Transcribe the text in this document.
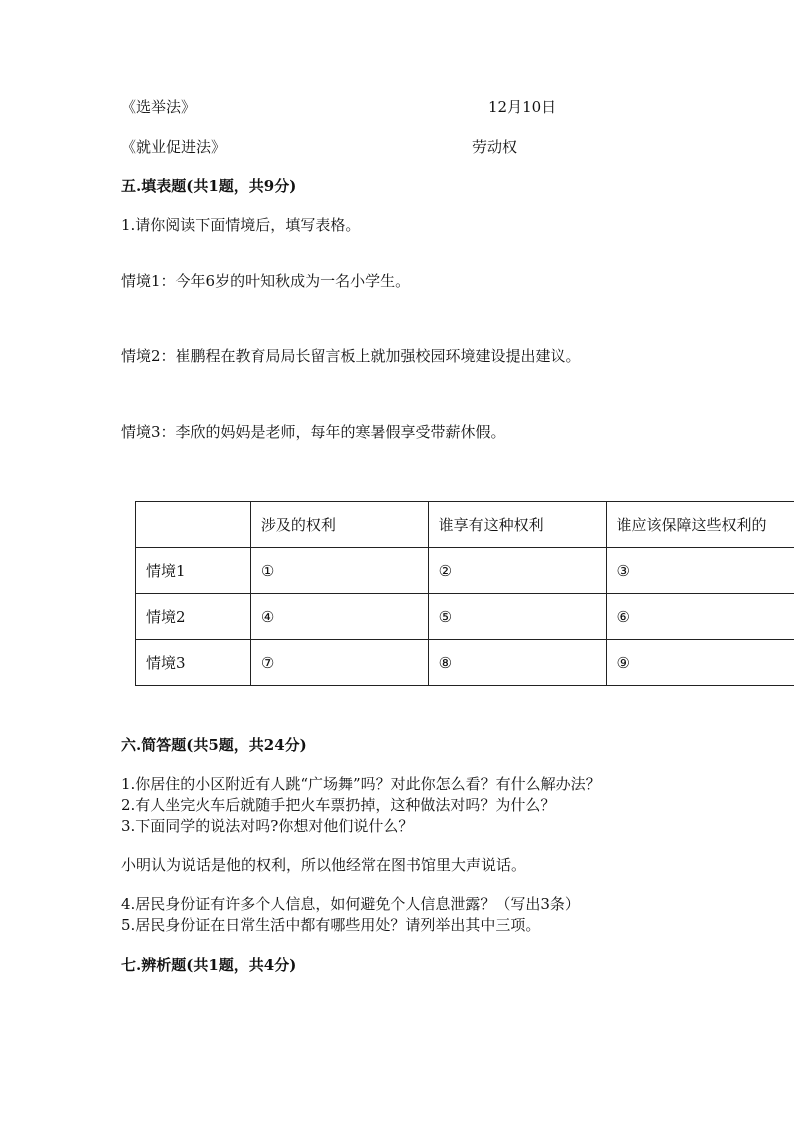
《选举法》	12月10日
《就业促进法》	劳动权
五.填表题(共1题，共9分)
1.请你阅读下面情境后，填写表格。
情境1：今年6岁的叶知秋成为一名小学生。
情境2：崔鹏程在教育局局长留言板上就加强校园环境建设提出建议。
情境3：李欣的妈妈是老师，每年的寒暑假享受带薪休假。
	涉及的权利	谁享有这种权利	谁应该保障这些权利的
情境1	①	②	③
情境2	④	⑤	⑥
情境3	⑦	⑧	⑨
六.简答题(共5题，共24分)
1.你居住的小区附近有人跳“广场舞”吗？对此你怎么看？有什么解办法？
2.有人坐完火车后就随手把火车票扔掉，这种做法对吗？为什么？
3.下面同学的说法对吗?你想对他们说什么？
小明认为说话是他的权利，所以他经常在图书馆里大声说话。
4.居民身份证有许多个人信息，如何避免个人信息泄露？（写出3条）
5.居民身份证在日常生活中都有哪些用处？请列举出其中三项。
七.辨析题(共1题，共4分)
